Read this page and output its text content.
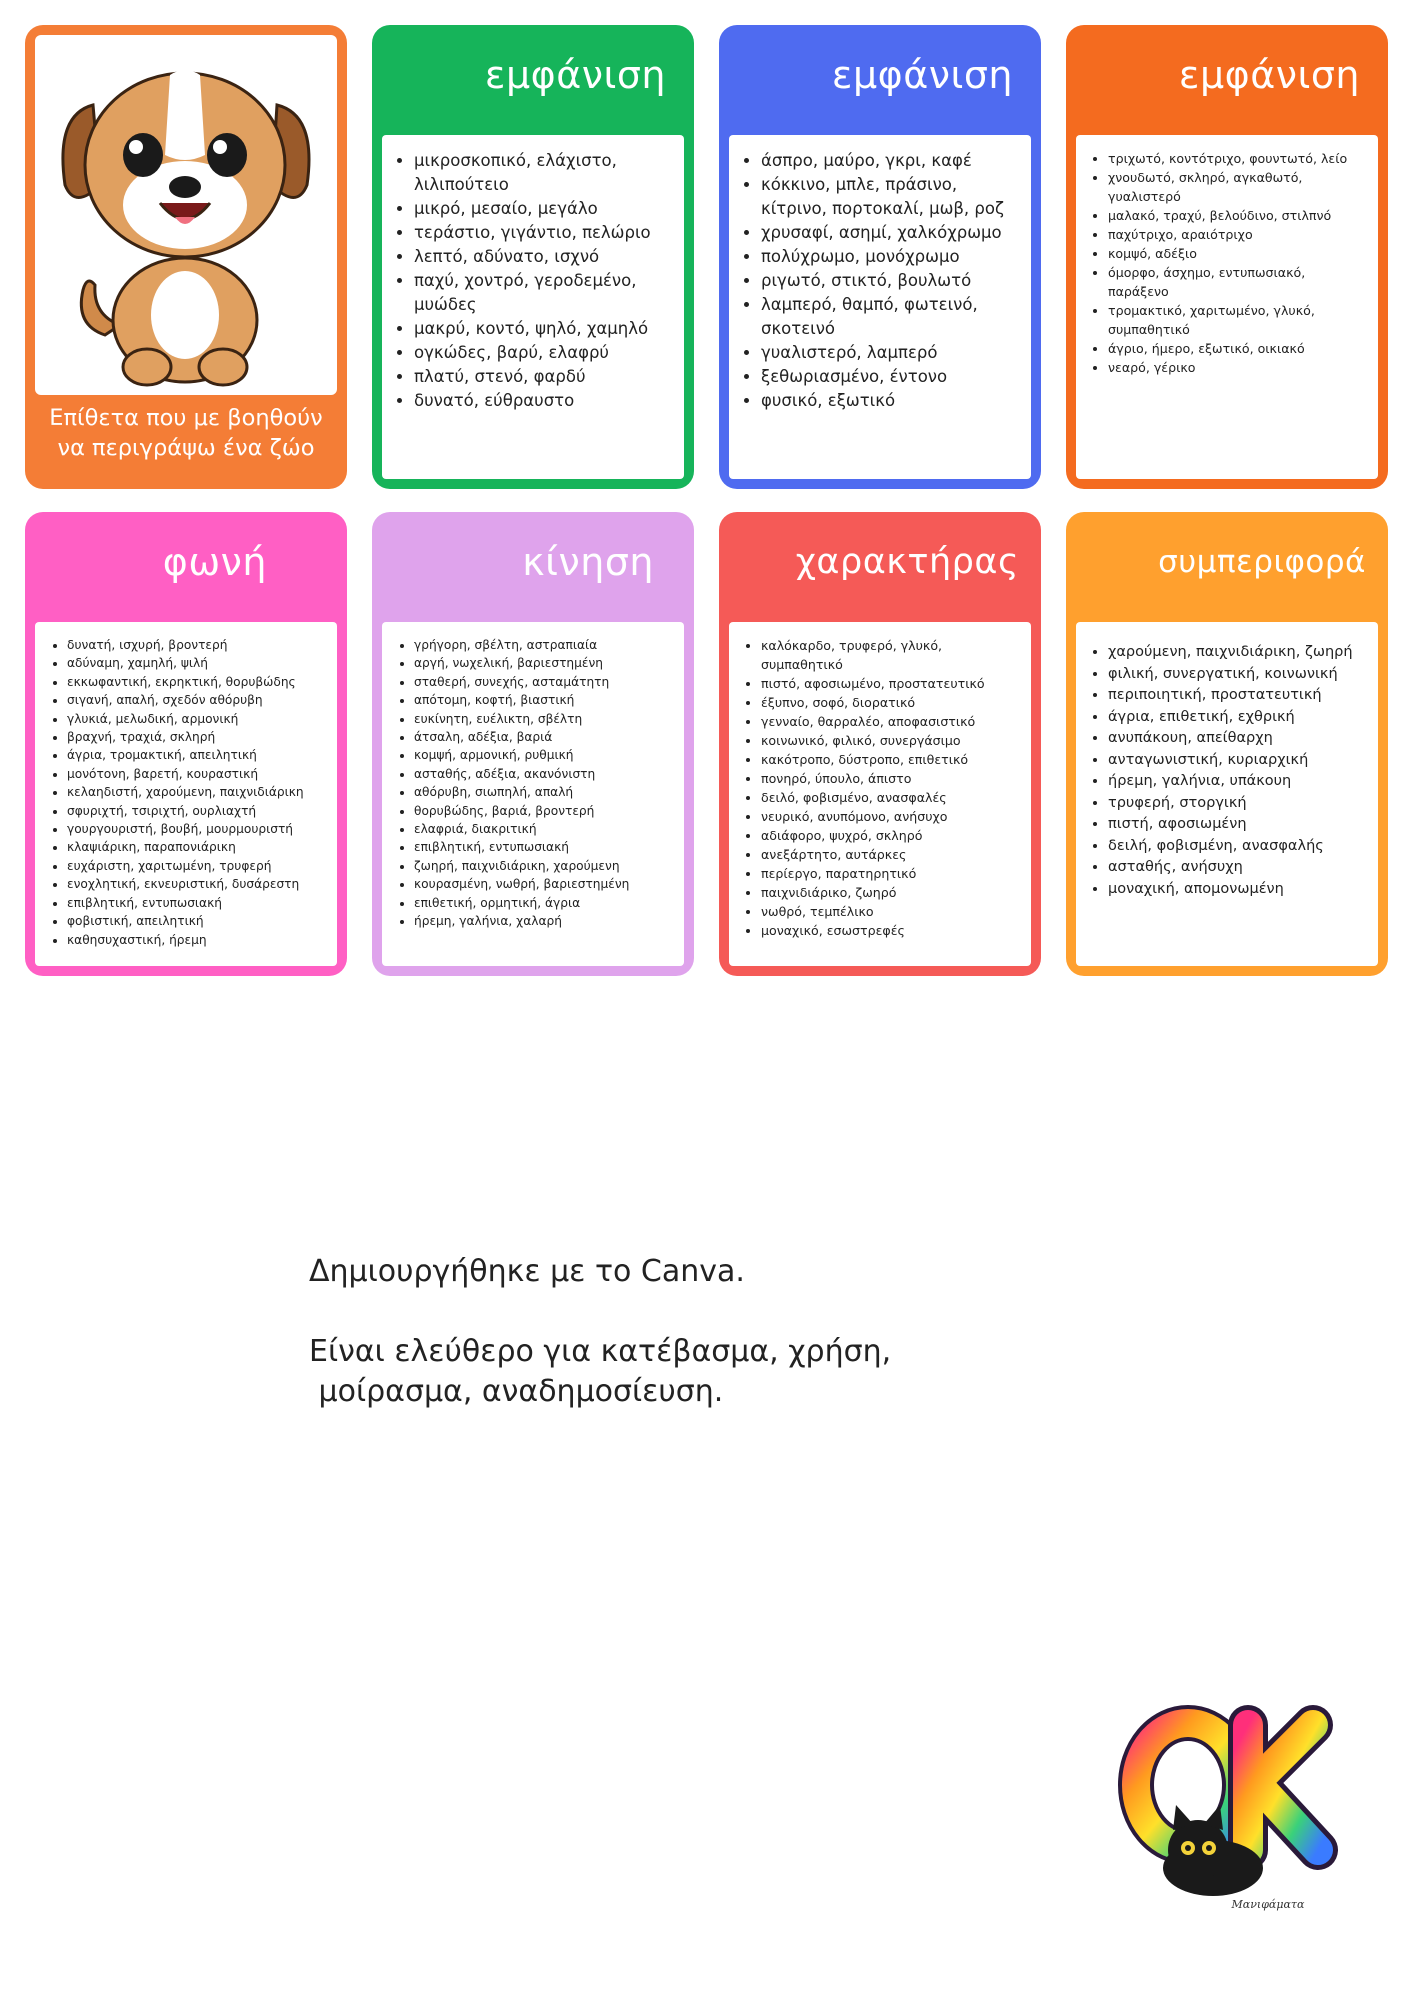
Επίθετα που με βοηθούν να περιγράψω ένα ζώο
εμφάνιση
• μικροσκοπικό, ελάχιστο, λιλιπούτειο
• μικρό, μεσαίο, μεγάλο
• τεράστιο, γιγάντιο, πελώριο
• λεπτό, αδύνατο, ισχνό
• παχύ, χοντρό, γεροδεμένο, μυώδες
• μακρύ, κοντό, ψηλό, χαμηλό
• ογκώδες, βαρύ, ελαφρύ
• πλατύ, στενό, φαρδύ
• δυνατό, εύθραυστο
εμφάνιση
• άσπρο, μαύρο, γκρι, καφέ
• κόκκινο, μπλε, πράσινο, κίτρινο, πορτοκαλί, μωβ, ροζ
• χρυσαφί, ασημί, χαλκόχρωμο
• πολύχρωμο, μονόχρωμο
• ριγωτό, στικτό, βουλωτό
• λαμπερό, θαμπό, φωτεινό, σκοτεινό
• γυαλιστερό, λαμπερό
• ξεθωριασμένο, έντονο
• φυσικό, εξωτικό
εμφάνιση
• τριχωτό, κοντότριχο, φουντωτό, λείο
• χνουδωτό, σκληρό, αγκαθωτό, γυαλιστερό
• μαλακό, τραχύ, βελούδινο, στιλπνό
• παχύτριχο, αραιότριχο
• κομψό, αδέξιο
• όμορφο, άσχημο, εντυπωσιακό, παράξενο
• τρομακτικό, χαριτωμένο, γλυκό, συμπαθητικό
• άγριο, ήμερο, εξωτικό, οικιακό
• νεαρό, γέρικο
φωνή
• δυνατή, ισχυρή, βροντερή
• αδύναμη, χαμηλή, ψιλή
• εκκωφαντική, εκρηκτική, θορυβώδης
• σιγανή, απαλή, σχεδόν αθόρυβη
• γλυκιά, μελωδική, αρμονική
• βραχνή, τραχιά, σκληρή
• άγρια, τρομακτική, απειλητική
• μονότονη, βαρετή, κουραστική
• κελαηδιστή, χαρούμενη, παιχνιδιάρικη
• σφυριχτή, τσιριχτή, ουρλιαχτή
• γουργουριστή, βουβή, μουρμουριστή
• κλαψιάρικη, παραπονιάρικη
• ευχάριστη, χαριτωμένη, τρυφερή
• ενοχλητική, εκνευριστική, δυσάρεστη
• επιβλητική, εντυπωσιακή
• φοβιστική, απειλητική
• καθησυχαστική, ήρεμη
κίνηση
• γρήγορη, σβέλτη, αστραπιαία
• αργή, νωχελική, βαριεστημένη
• σταθερή, συνεχής, ασταμάτητη
• απότομη, κοφτή, βιαστική
• ευκίνητη, ευέλικτη, σβέλτη
• άτσαλη, αδέξια, βαριά
• κομψή, αρμονική, ρυθμική
• ασταθής, αδέξια, ακανόνιστη
• αθόρυβη, σιωπηλή, απαλή
• θορυβώδης, βαριά, βροντερή
• ελαφριά, διακριτική
• επιβλητική, εντυπωσιακή
• ζωηρή, παιχνιδιάρικη, χαρούμενη
• κουρασμένη, νωθρή, βαριεστημένη
• επιθετική, ορμητική, άγρια
• ήρεμη, γαλήνια, χαλαρή
χαρακτήρας
• καλόκαρδο, τρυφερό, γλυκό, συμπαθητικό
• πιστό, αφοσιωμένο, προστατευτικό
• έξυπνο, σοφό, διορατικό
• γενναίο, θαρραλέο, αποφασιστικό
• κοινωνικό, φιλικό, συνεργάσιμο
• κακότροπο, δύστροπο, επιθετικό
• πονηρό, ύπουλο, άπιστο
• δειλό, φοβισμένο, ανασφαλές
• νευρικό, ανυπόμονο, ανήσυχο
• αδιάφορο, ψυχρό, σκληρό
• ανεξάρτητο, αυτάρκες
• περίεργο, παρατηρητικό
• παιχνιδιάρικο, ζωηρό
• νωθρό, τεμπέλικο
• μοναχικό, εσωστρεφές
συμπεριφορά
• χαρούμενη, παιχνιδιάρικη, ζωηρή
• φιλική, συνεργατική, κοινωνική
• περιποιητική, προστατευτική
• άγρια, επιθετική, εχθρική
• ανυπάκουη, απείθαρχη
• ανταγωνιστική, κυριαρχική
• ήρεμη, γαλήνια, υπάκουη
• τρυφερή, στοργική
• πιστή, αφοσιωμένη
• δειλή, φοβισμένη, ανασφαλής
• ασταθής, ανήσυχη
• μοναχική, απομονωμένη

Δημιουργήθηκε με το Canva.

Είναι ελεύθερο για κατέβασμα, χρήση,

μοίρασμα, αναδημοσίευση.

Μανιφάματα
